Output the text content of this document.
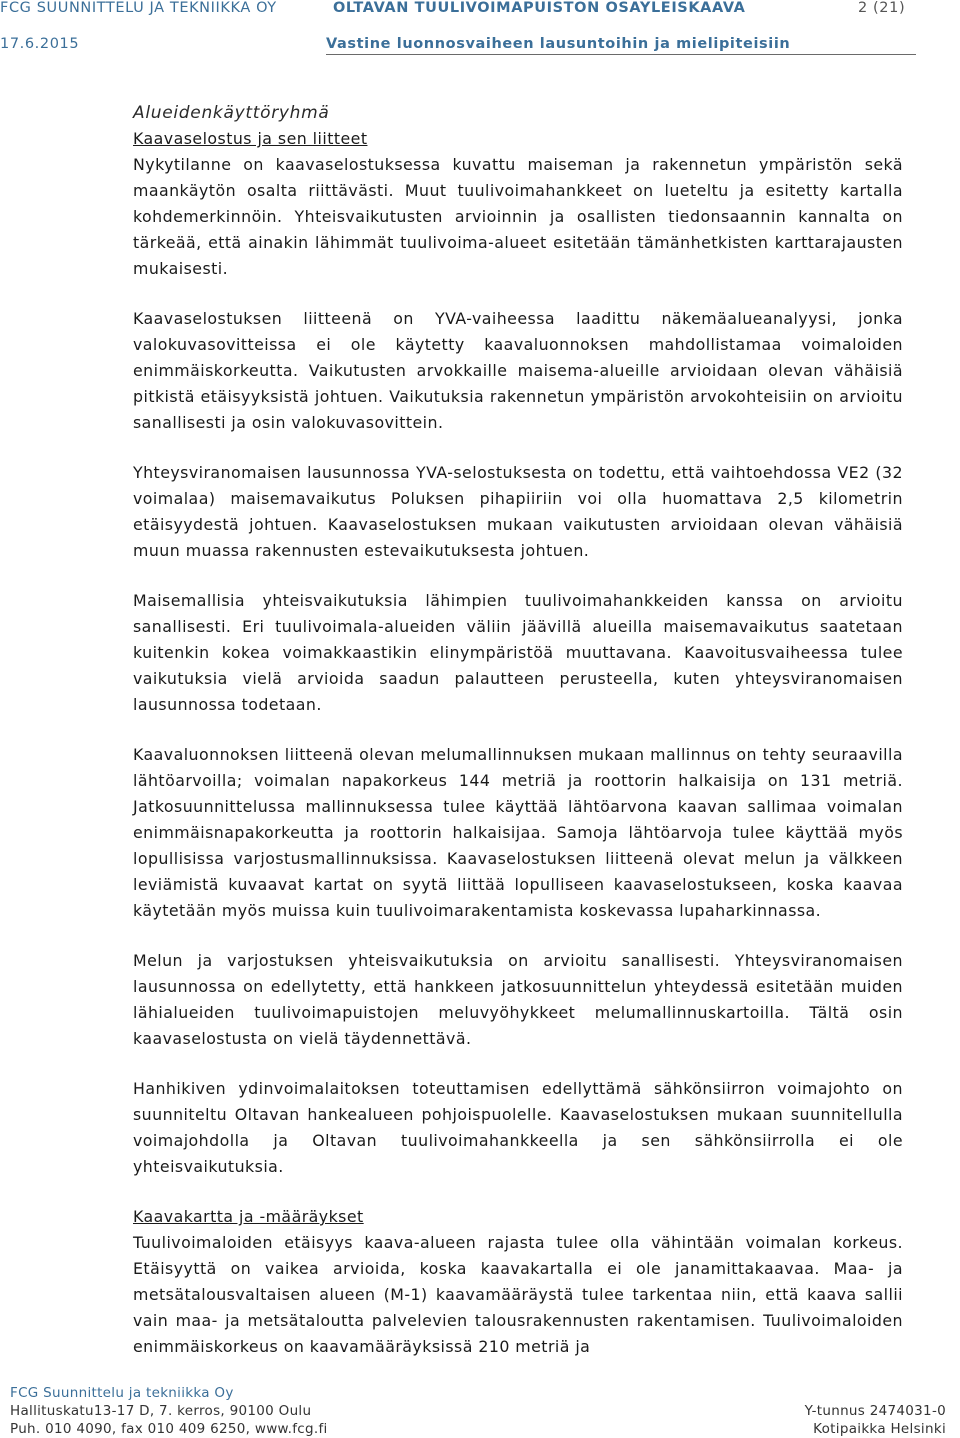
FCG SUUNNITTELU JA TEKNIIKKA OY	OLTAVAN TUULIVOIMAPUISTON OSAYLEISKAAVA	2 (21)
17.6.2015	Vastine luonnosvaiheen lausuntoihin ja mielipiteisiin

Alueidenkäyttöryhmä

Kaavaselostus ja sen liitteet

Nykytilanne on kaavaselostuksessa kuvattu maiseman ja rakennetun ympäristön sekä maankäytön osalta riittävästi. Muut tuulivoimahankkeet on lueteltu ja esitetty kartalla kohdemerkinnöin. Yhteisvaikutusten arvioinnin ja osallisten tiedonsaannin kannalta on tärkeää, että ainakin lähimmät tuulivoima-alueet esitetään tämänhetkisten karttarajausten mukaisesti.

Kaavaselostuksen liitteenä on YVA-vaiheessa laadittu näkemäalueanalyysi, jonka valokuvasovitteissa ei ole käytetty kaavaluonnoksen mahdollistamaa voimaloiden enimmäiskorkeutta. Vaikutusten arvokkaille maisema-alueille arvioidaan olevan vähäisiä pitkistä etäisyyksistä johtuen. Vaikutuksia rakennetun ympäristön arvokohteisiin on arvioitu sanallisesti ja osin valokuvasovittein.

Yhteysviranomaisen lausunnossa YVA-selostuksesta on todettu, että vaihtoehdossa VE2 (32 voimalaa) maisemavaikutus Poluksen pihapiiriin voi olla huomattava 2,5 kilometrin etäisyydestä johtuen. Kaavaselostuksen mukaan vaikutusten arvioidaan olevan vähäisiä muun muassa rakennusten estevaikutuksesta johtuen.

Maisemallisia yhteisvaikutuksia lähimpien tuulivoimahankkeiden kanssa on arvioitu sanallisesti. Eri tuulivoimala-alueiden väliin jäävillä alueilla maisemavaikutus saatetaan kuitenkin kokea voimakkaastikin elinympäristöä muuttavana. Kaavoitusvaiheessa tulee vaikutuksia vielä arvioida saadun palautteen perusteella, kuten yhteysviranomaisen lausunnossa todetaan.

Kaavaluonnoksen liitteenä olevan melumallinnuksen mukaan mallinnus on tehty seuraavilla lähtöarvoilla; voimalan napakorkeus 144 metriä ja roottorin halkaisija on 131 metriä. Jatkosuunnittelussa mallinnuksessa tulee käyttää lähtöarvona kaavan sallimaa voimalan enimmäisnapakorkeutta ja roottorin halkaisijaa. Samoja lähtöarvoja tulee käyttää myös lopullisissa varjostusmallinnuksissa. Kaavaselostuksen liitteenä olevat melun ja välkkeen leviämistä kuvaavat kartat on syytä liittää lopulliseen kaavaselostukseen, koska kaavaa käytetään myös muissa kuin tuulivoimarakentamista koskevassa lupaharkinnassa.

Melun ja varjostuksen yhteisvaikutuksia on arvioitu sanallisesti. Yhteysviranomaisen lausunnossa on edellytetty, että hankkeen jatkosuunnittelun yhteydessä esitetään muiden lähialueiden tuulivoimapuistojen meluvyöhykkeet melumallinnuskartoilla. Tältä osin kaavaselostusta on vielä täydennettävä.

Hanhikiven ydinvoimalaitoksen toteuttamisen edellyttämä sähkönsiirron voimajohto on suunniteltu Oltavan hankealueen pohjoispuolelle. Kaavaselostuksen mukaan suunnitellulla voimajohdolla ja Oltavan tuulivoimahankkeella ja sen sähkönsiirrolla ei ole yhteisvaikutuksia.

Kaavakartta ja -määräykset

Tuulivoimaloiden etäisyys kaava-alueen rajasta tulee olla vähintään voimalan korkeus. Etäisyyttä on vaikea arvioida, koska kaavakartalla ei ole janamittakaavaa. Maa- ja metsätalousvaltaisen alueen (M-1) kaavamääräystä tulee tarkentaa niin, että kaava sallii vain maa- ja metsätaloutta palvelevien talousrakennusten rakentamisen. Tuulivoimaloiden enimmäiskorkeus on kaavamääräyksissä 210 metriä ja

FCG Suunnittelu ja tekniikka Oy
Hallituskatu13-17 D, 7. kerros, 90100 Oulu
Puh. 010 4090, fax 010 409 6250, www.fcg.fi
Y-tunnus 2474031-0
Kotipaikka Helsinki
